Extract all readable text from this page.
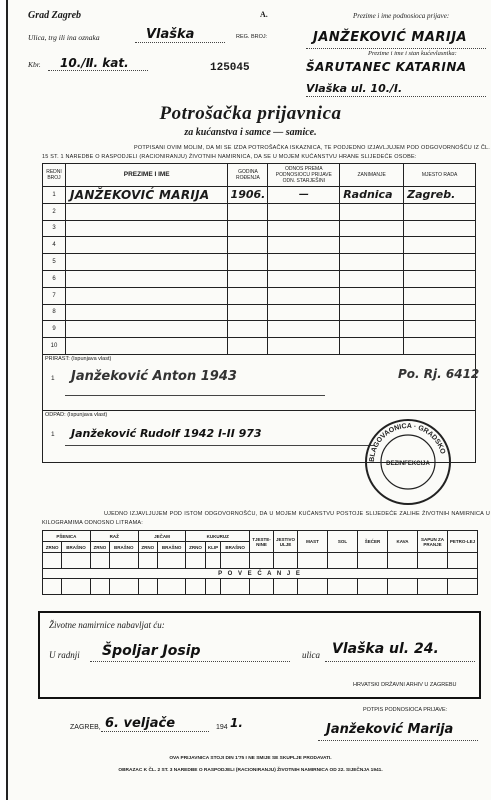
Grad Zagreb
Ulica, trg ili ina oznaka	Vlaška
Kbr. 10./Ⅱ. kat.
A.
REG. BROJ:
125045
Prezime i ime podnosioca prijave:
JANŽEKOVIĆ MARIJA
Prezime i ime i stan kućevlasnika:
ŠARUTANEC KATARINA
Vlaška ul. 10./Ⅰ.
Potrošačka prijavnica
za kućanstva i samce — samice.
POTPISANI OVIM MOLIM, DA MI SE IZDA POTROŠAČKA ISKAZNICA, TE PODJEDNO IZJAVLJUJEM POD ODGOVORNOŠĆU IZ ČL. 15 ST. 1 NAREDBE O RASPODJELI (RACIONIRANJU) ŽIVOTNIH NAMIRNICA, DA SE U MOJEM KUĆANSTVU HRANE SLIJEDEĆE OSOBE:
REDNI BROJ	PREZIME I IME	GODINA ROĐENJA	ODNOS PREMA PODNOSIOCU PRIJAVE ODN. STARJEŠINI	ZANIMANJE	MJESTO RADA
1	JANŽEKOVIĆ MARIJA	1906.	—	Radnica	Zagreb.
2					
3					
4					
5					
6					
7					
8					
9					
10					

PRIRAST: (Ispunjava vlast)
1 Janžeković Anton 1943 Po. Rj. 6412					

ODPAD: (Ispunjava vlast)
1 Janžeković Rudolf 1942 I-II 973					
BLAGOVAONICA · GRADSKO
DEZINFEKCIJA
UJEDNO IZJAVLJUJEM POD ISTOM ODGOVORNOŠĆU, DA U MOJEM KUĆANSTVU POSTOJE SLIJEDEĆE ZALIHE ŽIVOTNIH NAMIRNICA U KILOGRAMIMA ODNOSNO LITRAMA:
PŠENICA		RAŽ		JEČAM		KUKURUZ			TJESTE-NINE	JESTIVO ULJE	MAST	SOL	ŠEĆER	KAVA	SAPUN ZA PRANJE	PETRO-LEJ
ZRNO	BRAŠNO	ZRNO	BRAŠNO	ZRNO	BRAŠNO	ZRNO	KLIP	BRAŠNO								

P O V E Ć A N J E																

Životne namirnice nabavljat ću:
U radnji Špoljar Josip	ulica Vlaška ul. 24.
HRVATSKI DRŽAVNI ARHIV U ZAGREBU
ZAGREB, 6. veljače	194 1.
POTPIS PODNOSIOCA PRIJAVE:
Janžeković Marija
OVA PRIJAVNICA STOJI DIN 1'75 I NE SMIJE SE SKUPLJE PRODAVATI.
OBRAZAC K ČL. 2 ST. 3 NAREDBE O RASPODJELI (RACIONIRANJU) ŽIVOTNIH NAMIRNICA OD 22. SIJEČNJA 1941.
